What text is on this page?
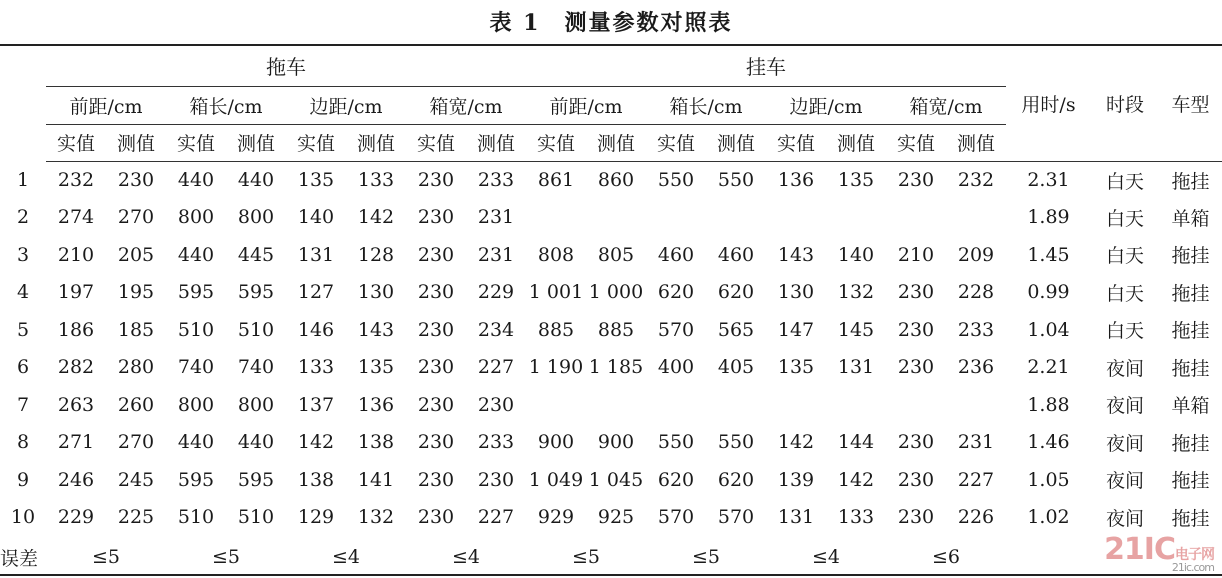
表 1　测量参数对照表
	拖车								挂车								用时/s	时段	车型
	前距/cm		箱长/cm		边距/cm		箱宽/cm		前距/cm		箱长/cm		边距/cm		箱宽/cm				
	实值	测值	实值	测值	实值	测值	实值	测值	实值	测值	实值	测值	实值	测值	实值	测值			
1	232	230	440	440	135	133	230	233	861	860	550	550	136	135	230	232	2.31	白天	拖挂
2	274	270	800	800	140	142	230	231									1.89	白天	单箱
3	210	205	440	445	131	128	230	231	808	805	460	460	143	140	210	209	1.45	白天	拖挂
4	197	195	595	595	127	130	230	229	1 001	1 000	620	620	130	132	230	228	0.99	白天	拖挂
5	186	185	510	510	146	143	230	234	885	885	570	565	147	145	230	233	1.04	白天	拖挂
6	282	280	740	740	133	135	230	227	1 190	1 185	400	405	135	131	230	236	2.21	夜间	拖挂
7	263	260	800	800	137	136	230	230									1.88	夜间	单箱
8	271	270	440	440	142	138	230	233	900	900	550	550	142	144	230	231	1.46	夜间	拖挂
9	246	245	595	595	138	141	230	230	1 049	1 045	620	620	139	142	230	227	1.05	夜间	拖挂
10	229	225	510	510	129	132	230	227	929	925	570	570	131	133	230	226	1.02	夜间	拖挂
误差	≤5		≤5		≤4		≤4		≤5		≤5		≤4		≤6					21IC电子网
21ic.com
